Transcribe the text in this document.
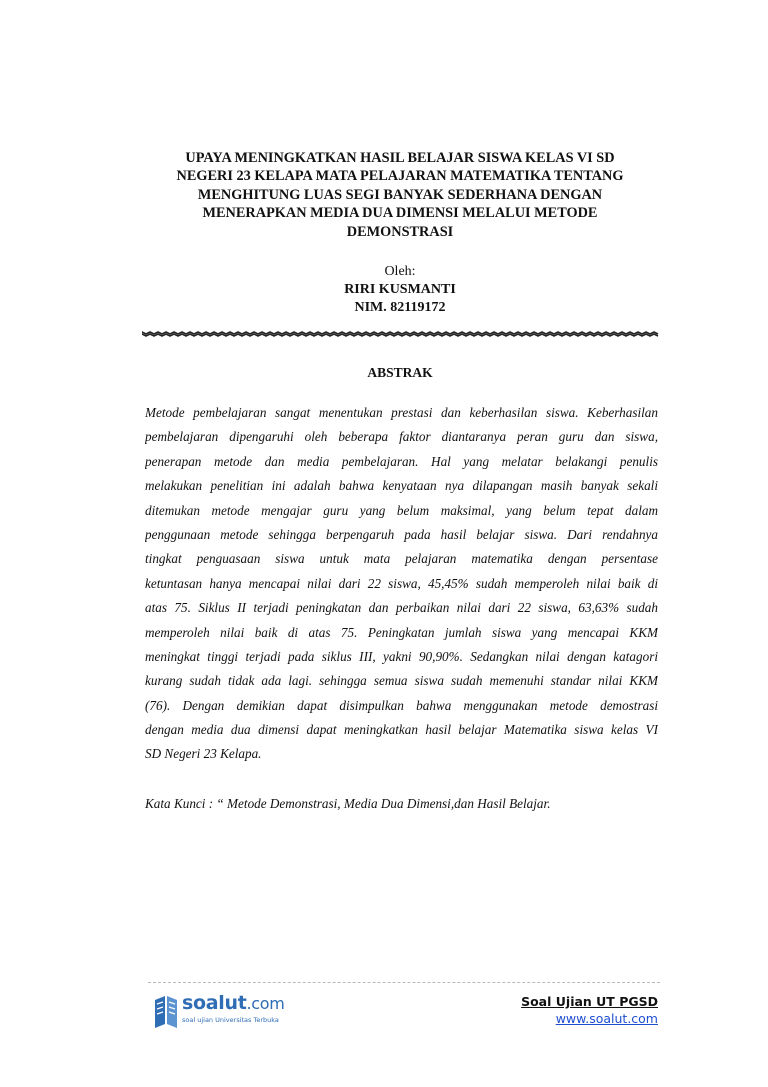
UPAYA MENINGKATKAN HASIL BELAJAR SISWA KELAS VI SD
NEGERI 23 KELAPA MATA PELAJARAN MATEMATIKA TENTANG
MENGHITUNG LUAS SEGI BANYAK SEDERHANA DENGAN
MENERAPKAN MEDIA DUA DIMENSI MELALUI METODE
DEMONSTRASI
Oleh:
RIRI KUSMANTI
NIM. 82119172
ABSTRAK
Metode pembelajaran sangat menentukan prestasi dan keberhasilan siswa. Keberhasilan
pembelajaran dipengaruhi oleh beberapa faktor diantaranya peran guru dan siswa,
penerapan metode dan media pembelajaran. Hal yang melatar belakangi penulis
melakukan penelitian ini adalah bahwa kenyataan nya dilapangan masih banyak sekali
ditemukan metode mengajar guru yang belum maksimal, yang belum tepat dalam
penggunaan metode sehingga berpengaruh pada hasil belajar siswa. Dari rendahnya
tingkat penguasaan siswa untuk mata pelajaran matematika dengan persentase
ketuntasan hanya mencapai nilai dari 22 siswa, 45,45% sudah memperoleh nilai baik di
atas 75. Siklus II terjadi peningkatan dan perbaikan nilai dari 22 siswa, 63,63% sudah
memperoleh nilai baik di atas 75. Peningkatan jumlah siswa yang mencapai KKM
meningkat tinggi terjadi pada siklus III, yakni 90,90%. Sedangkan nilai dengan katagori
kurang sudah tidak ada lagi. sehingga semua siswa sudah memenuhi standar nilai KKM
(76). Dengan demikian dapat disimpulkan bahwa menggunakan metode demostrasi
dengan media dua dimensi dapat meningkatkan hasil belajar Matematika siswa kelas VI
SD Negeri 23 Kelapa.
Kata Kunci : “ Metode Demonstrasi, Media Dua Dimensi,dan Hasil Belajar.
soalut.com
soal ujian Universitas Terbuka
Soal Ujian UT PGSD
www.soalut.com
